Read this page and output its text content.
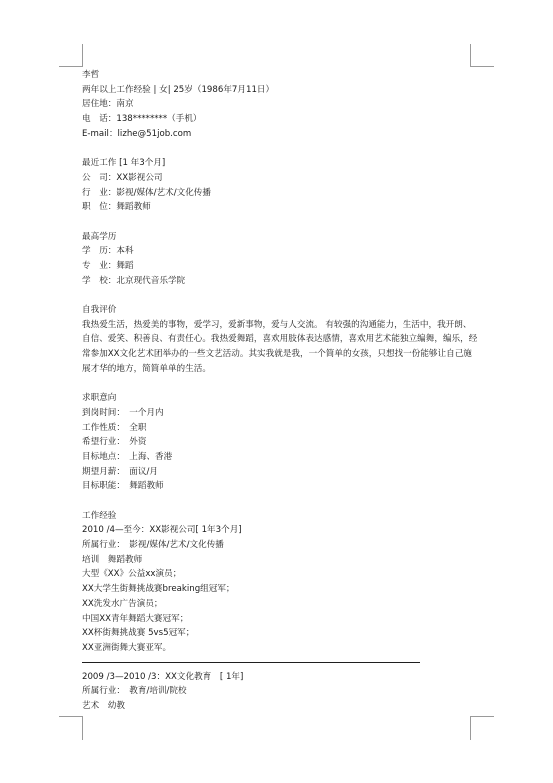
李哲
两年以上工作经验 | 女| 25岁（1986年7月11日）
居住地：南京
电　话：138********（手机）
E-mail：lizhe@51job.com
最近工作 [1 年3个月]
公　司：XX影视公司
行　业：影视/媒体/艺术/文化传播
职　位：舞蹈教师
最高学历
学　历：本科
专　业：舞蹈
学　校：北京现代音乐学院
自我评价
我热爱生活，热爱美的事物，爱学习，爱新事物，爱与人交流。 有较强的沟通能力，生活中，我开朗、自信、爱笑、积善良、有责任心。我热爱舞蹈，喜欢用肢体表达感情，喜欢用艺术能独立编舞，编乐，经常参加XX文化艺术团举办的一些文艺活动。其实我就是我，一个简单的女孩，只想找一份能够让自己施展才华的地方，简简单单的生活。
求职意向
到岗时间：　一个月内
工作性质：　全职
希望行业：　外资
目标地点：　上海、香港
期望月薪：　面议/月
目标职能：　舞蹈教师
工作经验
2010 /4—至今：XX影视公司[ 1年3个月]
所属行业：　影视/媒体/艺术/文化传播
培训　舞蹈教师
大型《XX》公益xx演员；
XX大学生街舞挑战赛breaking组冠军；
XX洗发水广告演员；
中国XX青年舞蹈大赛冠军；
XX杯街舞挑战赛 5vs5冠军；
XX亚洲街舞大赛亚军。
2009 /3—2010 /3：XX文化教育　[ 1年]
所属行业：　教育/培训/院校
艺术　幼教
